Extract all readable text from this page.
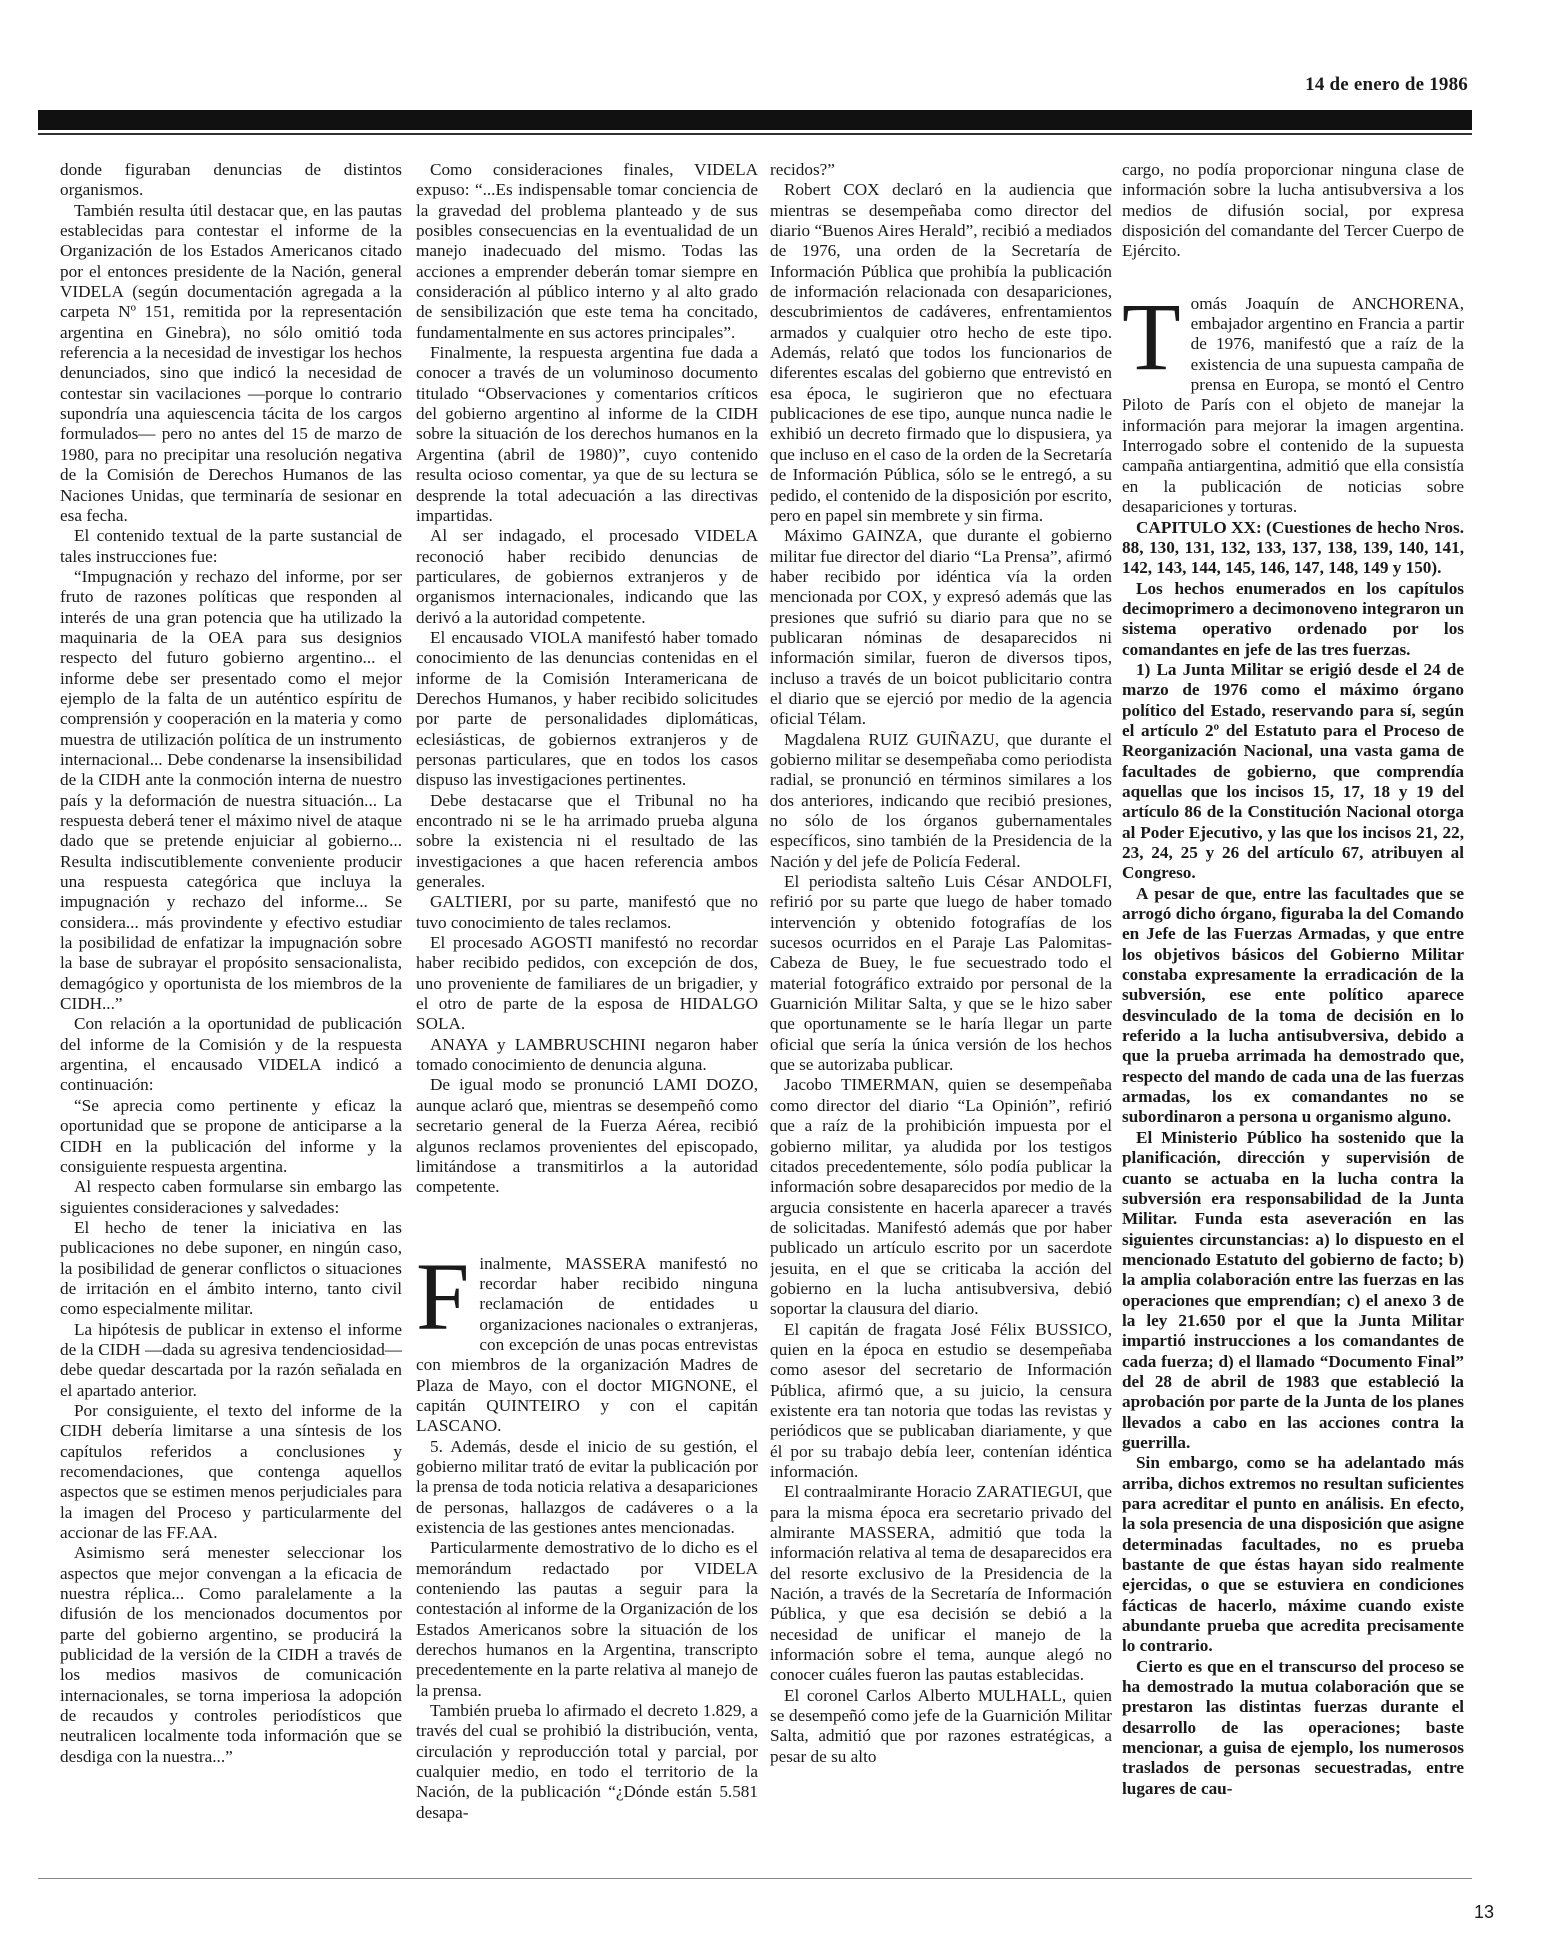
14 de enero de 1986

donde figuraban denuncias de distintos organismos.

También resulta útil destacar que, en las pautas establecidas para contestar el informe de la Organización de los Estados Americanos citado por el entonces presidente de la Nación, general VIDELA (según documentación agregada a la carpeta Nº 151, remitida por la representación argentina en Ginebra), no sólo omitió toda referencia a la necesidad de investigar los hechos denunciados, sino que indicó la necesidad de contestar sin vacilaciones —porque lo contrario supondría una aquiescencia tácita de los cargos formulados— pero no antes del 15 de marzo de 1980, para no precipitar una resolución negativa de la Comisión de Derechos Humanos de las Naciones Unidas, que terminaría de sesionar en esa fecha.

El contenido textual de la parte sustancial de tales instrucciones fue:

“Impugnación y rechazo del informe, por ser fruto de razones políticas que responden al interés de una gran potencia que ha utilizado la maquinaria de la OEA para sus designios respecto del futuro gobierno argentino... el informe debe ser presentado como el mejor ejemplo de la falta de un auténtico espíritu de comprensión y cooperación en la materia y como muestra de utilización política de un instrumento internacional... Debe condenarse la insensibilidad de la CIDH ante la conmoción interna de nuestro país y la deformación de nuestra situación... La respuesta deberá tener el máximo nivel de ataque dado que se pretende enjuiciar al gobierno... Resulta indiscutiblemente conveniente producir una respuesta categórica que incluya la impugnación y rechazo del informe... Se considera... más provindente y efectivo estudiar la posibilidad de enfatizar la impugnación sobre la base de subrayar el propósito sensacionalista, demagógico y oportunista de los miembros de la CIDH...”

Con relación a la oportunidad de publicación del informe de la Comisión y de la respuesta argentina, el encausado VIDELA indicó a continuación:

“Se aprecia como pertinente y eficaz la oportunidad que se propone de anticiparse a la CIDH en la publicación del informe y la consiguiente respuesta argentina.

Al respecto caben formularse sin embargo las siguientes consideraciones y salvedades:

El hecho de tener la iniciativa en las publicaciones no debe suponer, en ningún caso, la posibilidad de generar conflictos o situaciones de irritación en el ámbito interno, tanto civil como especialmente militar.

La hipótesis de publicar in extenso el informe de la CIDH —dada su agresiva tendenciosidad— debe quedar descartada por la razón señalada en el apartado anterior.

Por consiguiente, el texto del informe de la CIDH debería limitarse a una síntesis de los capítulos referidos a conclusiones y recomendaciones, que contenga aquellos aspectos que se estimen menos perjudiciales para la imagen del Proceso y particularmente del accionar de las FF.AA.

Asimismo será menester seleccionar los aspectos que mejor convengan a la eficacia de nuestra réplica... Como paralelamente a la difusión de los mencionados documentos por parte del gobierno argentino, se producirá la publicidad de la versión de la CIDH a través de los medios masivos de comunicación internacionales, se torna imperiosa la adopción de recaudos y controles periodísticos que neutralicen localmente toda información que se desdiga con la nuestra...”

Como consideraciones finales, VIDELA expuso: “...Es indispensable tomar conciencia de la gravedad del problema planteado y de sus posibles consecuencias en la eventualidad de un manejo inadecuado del mismo. Todas las acciones a emprender deberán tomar siempre en consideración al público interno y al alto grado de sensibilización que este tema ha concitado, fundamentalmente en sus actores principales”.

Finalmente, la respuesta argentina fue dada a conocer a través de un voluminoso documento titulado “Observaciones y comentarios críticos del gobierno argentino al informe de la CIDH sobre la situación de los derechos humanos en la Argentina (abril de 1980)”, cuyo contenido resulta ocioso comentar, ya que de su lectura se desprende la total adecuación a las directivas impartidas.

Al ser indagado, el procesado VIDELA reconoció haber recibido denuncias de particulares, de gobiernos extranjeros y de organismos internacionales, indicando que las derivó a la autoridad competente.

El encausado VIOLA manifestó haber tomado conocimiento de las denuncias contenidas en el informe de la Comisión Interamericana de Derechos Humanos, y haber recibido solicitudes por parte de personalidades diplomáticas, eclesiásticas, de gobiernos extranjeros y de personas particulares, que en todos los casos dispuso las investigaciones pertinentes.

Debe destacarse que el Tribunal no ha encontrado ni se le ha arrimado prueba alguna sobre la existencia ni el resultado de las investigaciones a que hacen referencia ambos generales.

GALTIERI, por su parte, manifestó que no tuvo conocimiento de tales reclamos.

El procesado AGOSTI manifestó no recordar haber recibido pedidos, con excepción de dos, uno proveniente de familiares de un brigadier, y el otro de parte de la esposa de HIDALGO SOLA.

ANAYA y LAMBRUSCHINI negaron haber tomado conocimiento de denuncia alguna.

De igual modo se pronunció LAMI DOZO, aunque aclaró que, mientras se desempeñó como secretario general de la Fuerza Aérea, recibió algunos reclamos provenientes del episcopado, limitándose a transmitirlos a la autoridad competente.

Finalmente, MASSERA manifestó no recordar haber recibido ninguna reclamación de entidades u organizaciones nacionales o extranjeras, con excepción de unas pocas entrevistas con miembros de la organización Madres de Plaza de Mayo, con el doctor MIGNONE, el capitán QUINTEIRO y con el capitán LASCANO.

5. Además, desde el inicio de su gestión, el gobierno militar trató de evitar la publicación por la prensa de toda noticia relativa a desapariciones de personas, hallazgos de cadáveres o a la existencia de las gestiones antes mencionadas.

Particularmente demostrativo de lo dicho es el memorándum redactado por VIDELA conteniendo las pautas a seguir para la contestación al informe de la Organización de los Estados Americanos sobre la situación de los derechos humanos en la Argentina, transcripto precedentemente en la parte relativa al manejo de la prensa.

También prueba lo afirmado el decreto 1.829, a través del cual se prohibió la distribución, venta, circulación y reproducción total y parcial, por cualquier medio, en todo el territorio de la Nación, de la publicación “¿Dónde están 5.581 desapa-

recidos?”

Robert COX declaró en la audiencia que mientras se desempeñaba como director del diario “Buenos Aires Herald”, recibió a mediados de 1976, una orden de la Secretaría de Información Pública que prohibía la publicación de información relacionada con desapariciones, descubrimientos de cadáveres, enfrentamientos armados y cualquier otro hecho de este tipo. Además, relató que todos los funcionarios de diferentes escalas del gobierno que entrevistó en esa época, le sugirieron que no efectuara publicaciones de ese tipo, aunque nunca nadie le exhibió un decreto firmado que lo dispusiera, ya que incluso en el caso de la orden de la Secretaría de Información Pública, sólo se le entregó, a su pedido, el contenido de la disposición por escrito, pero en papel sin membrete y sin firma.

Máximo GAINZA, que durante el gobierno militar fue director del diario “La Prensa”, afirmó haber recibido por idéntica vía la orden mencionada por COX, y expresó además que las presiones que sufrió su diario para que no se publicaran nóminas de desaparecidos ni información similar, fueron de diversos tipos, incluso a través de un boicot publicitario contra el diario que se ejerció por medio de la agencia oficial Télam.

Magdalena RUIZ GUIÑAZU, que durante el gobierno militar se desempeñaba como periodista radial, se pronunció en términos similares a los dos anteriores, indicando que recibió presiones, no sólo de los órganos gubernamentales específicos, sino también de la Presidencia de la Nación y del jefe de Policía Federal.

El periodista salteño Luis César ANDOLFI, refirió por su parte que luego de haber tomado intervención y obtenido fotografías de los sucesos ocurridos en el Paraje Las Palomitas-Cabeza de Buey, le fue secuestrado todo el material fotográfico extraido por personal de la Guarnición Militar Salta, y que se le hizo saber que oportunamente se le haría llegar un parte oficial que sería la única versión de los hechos que se autorizaba publicar.

Jacobo TIMERMAN, quien se desempeñaba como director del diario “La Opinión”, refirió que a raíz de la prohibición impuesta por el gobierno militar, ya aludida por los testigos citados precedentemente, sólo podía publicar la información sobre desaparecidos por medio de la argucia consistente en hacerla aparecer a través de solicitadas. Manifestó además que por haber publicado un artículo escrito por un sacerdote jesuita, en el que se criticaba la acción del gobierno en la lucha antisubversiva, debió soportar la clausura del diario.

El capitán de fragata José Félix BUSSICO, quien en la época en estudio se desempeñaba como asesor del secretario de Información Pública, afirmó que, a su juicio, la censura existente era tan notoria que todas las revistas y periódicos que se publicaban diariamente, y que él por su trabajo debía leer, contenían idéntica información.

El contraalmirante Horacio ZARATIEGUI, que para la misma época era secretario privado del almirante MASSERA, admitió que toda la información relativa al tema de desaparecidos era del resorte exclusivo de la Presidencia de la Nación, a través de la Secretaría de Información Pública, y que esa decisión se debió a la necesidad de unificar el manejo de la información sobre el tema, aunque alegó no conocer cuáles fueron las pautas establecidas.

El coronel Carlos Alberto MULHALL, quien se desempeñó como jefe de la Guarnición Militar Salta, admitió que por razones estratégicas, a pesar de su alto

cargo, no podía proporcionar ninguna clase de información sobre la lucha antisubversiva a los medios de difusión social, por expresa disposición del comandante del Tercer Cuerpo de Ejército.

Tomás Joaquín de ANCHORENA, embajador argentino en Francia a partir de 1976, manifestó que a raíz de la existencia de una supuesta campaña de prensa en Europa, se montó el Centro Piloto de París con el objeto de manejar la información para mejorar la imagen argentina. Interrogado sobre el contenido de la supuesta campaña antiargentina, admitió que ella consistía en la publicación de noticias sobre desapariciones y torturas.

CAPITULO XX: (Cuestiones de hecho Nros. 88, 130, 131, 132, 133, 137, 138, 139, 140, 141, 142, 143, 144, 145, 146, 147, 148, 149 y 150).

Los hechos enumerados en los capítulos decimoprimero a decimonoveno integraron un sistema operativo ordenado por los comandantes en jefe de las tres fuerzas.

1) La Junta Militar se erigió desde el 24 de marzo de 1976 como el máximo órgano político del Estado, reservando para sí, según el artículo 2º del Estatuto para el Proceso de Reorganización Nacional, una vasta gama de facultades de gobierno, que comprendía aquellas que los incisos 15, 17, 18 y 19 del artículo 86 de la Constitución Nacional otorga al Poder Ejecutivo, y las que los incisos 21, 22, 23, 24, 25 y 26 del artículo 67, atribuyen al Congreso.

A pesar de que, entre las facultades que se arrogó dicho órgano, figuraba la del Comando en Jefe de las Fuerzas Armadas, y que entre los objetivos básicos del Gobierno Militar constaba expresamente la erradicación de la subversión, ese ente político aparece desvinculado de la toma de decisión en lo referido a la lucha antisubversiva, debido a que la prueba arrimada ha demostrado que, respecto del mando de cada una de las fuerzas armadas, los ex comandantes no se subordinaron a persona u organismo alguno.

El Ministerio Público ha sostenido que la planificación, dirección y supervisión de cuanto se actuaba en la lucha contra la subversión era responsabilidad de la Junta Militar. Funda esta aseveración en las siguientes circunstancias: a) lo dispuesto en el mencionado Estatuto del gobierno de facto; b) la amplia colaboración entre las fuerzas en las operaciones que emprendían; c) el anexo 3 de la ley 21.650 por el que la Junta Militar impartió instrucciones a los comandantes de cada fuerza; d) el llamado “Documento Final” del 28 de abril de 1983 que estableció la aprobación por parte de la Junta de los planes llevados a cabo en las acciones contra la guerrilla.

Sin embargo, como se ha adelantado más arriba, dichos extremos no resultan suficientes para acreditar el punto en análisis. En efecto, la sola presencia de una disposición que asigne determinadas facultades, no es prueba bastante de que éstas hayan sido realmente ejercidas, o que se estuviera en condiciones fácticas de hacerlo, máxime cuando existe abundante prueba que acredita precisamente lo contrario.

Cierto es que en el transcurso del proceso se ha demostrado la mutua colaboración que se prestaron las distintas fuerzas durante el desarrollo de las operaciones; baste mencionar, a guisa de ejemplo, los numerosos traslados de personas secuestradas, entre lugares de cau-

13
